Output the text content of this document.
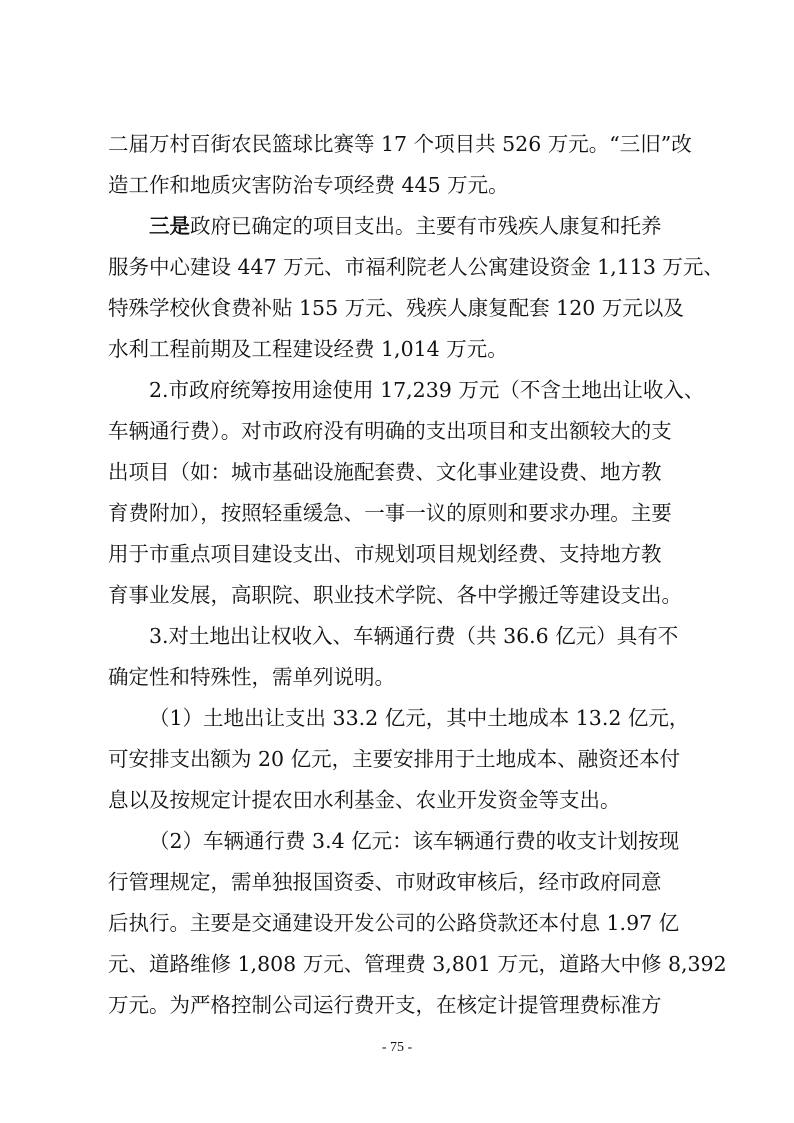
二届万村百街农民篮球比赛等 17 个项目共 526 万元。“三旧”改
造工作和地质灾害防治专项经费 445 万元。
三是政府已确定的项目支出。主要有市残疾人康复和托养
服务中心建设 447 万元、市福利院老人公寓建设资金 1,113 万元、
特殊学校伙食费补贴 155 万元、残疾人康复配套 120 万元以及
水利工程前期及工程建设经费 1,014 万元。
2.市政府统筹按用途使用 17,239 万元（不含土地出让收入、
车辆通行费）。对市政府没有明确的支出项目和支出额较大的支
出项目（如：城市基础设施配套费、文化事业建设费、地方教
育费附加），按照轻重缓急、一事一议的原则和要求办理。主要
用于市重点项目建设支出、市规划项目规划经费、支持地方教
育事业发展，高职院、职业技术学院、各中学搬迁等建设支出。
3.对土地出让权收入、车辆通行费（共 36.6 亿元）具有不
确定性和特殊性，需单列说明。
（1）土地出让支出 33.2 亿元，其中土地成本 13.2 亿元，
可安排支出额为 20 亿元，主要安排用于土地成本、融资还本付
息以及按规定计提农田水利基金、农业开发资金等支出。
（2）车辆通行费 3.4 亿元：该车辆通行费的收支计划按现
行管理规定，需单独报国资委、市财政审核后，经市政府同意
后执行。主要是交通建设开发公司的公路贷款还本付息 1.97 亿
元、道路维修 1,808 万元、管理费 3,801 万元，道路大中修 8,392
万元。为严格控制公司运行费开支，在核定计提管理费标准方
- 75 -
